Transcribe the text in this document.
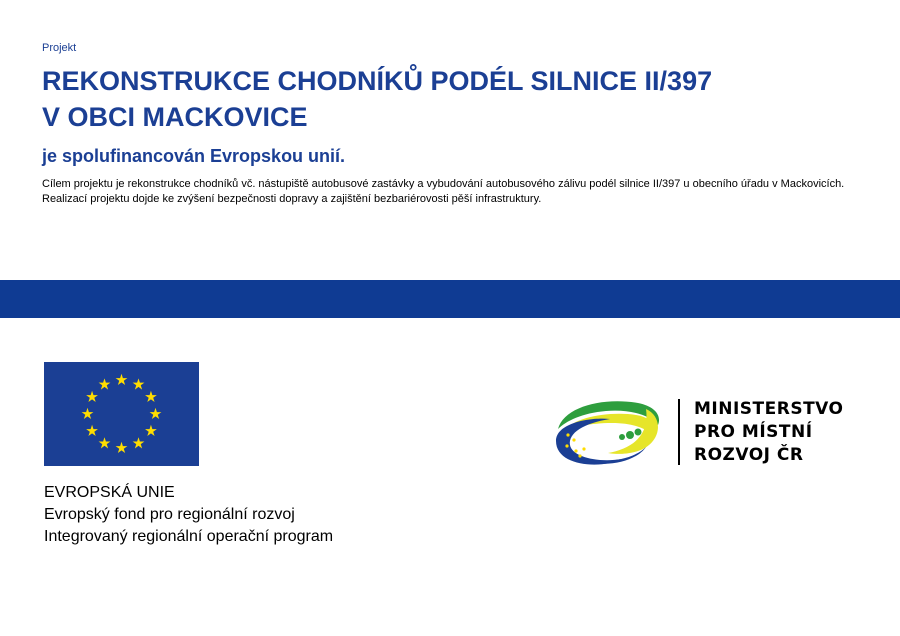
Projekt
REKONSTRUKCE CHODNÍKŮ PODÉL SILNICE II/397
V OBCI MACKOVICE
je spolufinancován Evropskou unií.
Cílem projektu je rekonstrukce chodníků vč. nástupiště autobusové zastávky a vybudování autobusového zálivu podél silnice II/397 u obecního úřadu v Mackovicích. Realizací projektu dojde ke zvýšení bezpečnosti dopravy a zajištění bezbariérovosti pěší infrastruktury.
EVROPSKÁ UNIE
Evropský fond pro regionální rozvoj
Integrovaný regionální operační program
MINISTERSTVO
PRO MÍSTNÍ
ROZVOJ ČR
